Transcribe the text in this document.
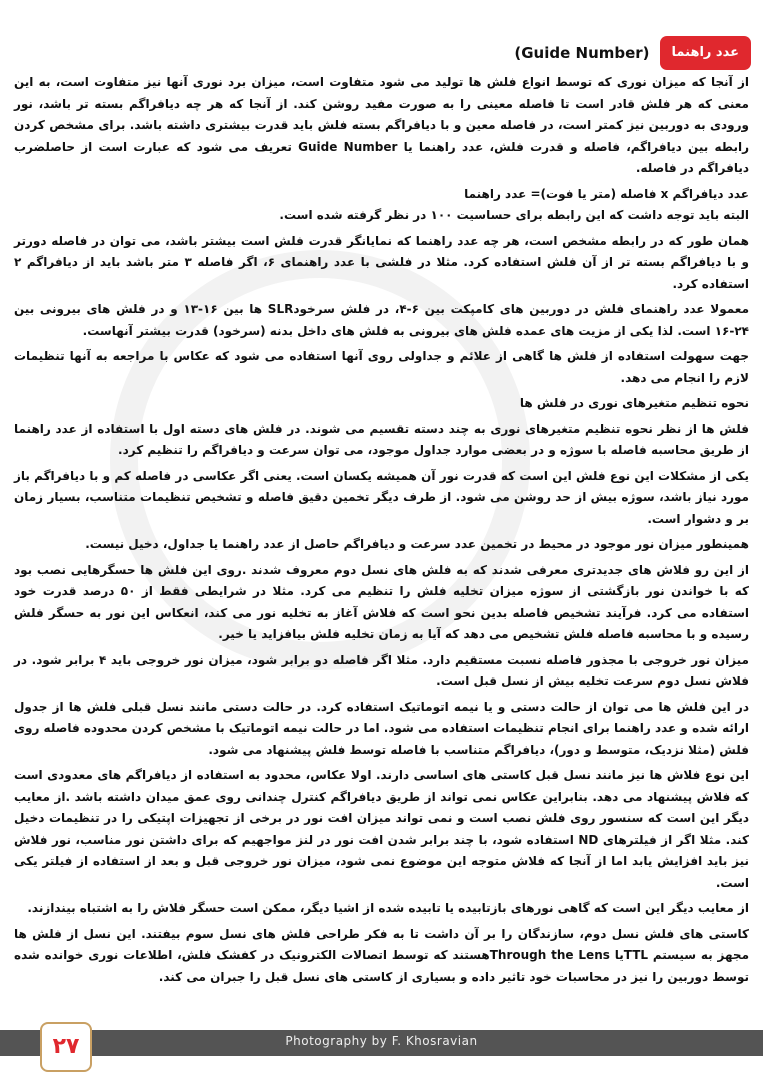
عدد راهنما
(Guide Number)

از آنجا که میزان نوری که توسط انواع فلش ها تولید می شود متفاوت است، میزان برد نوری آنها نیز متفاوت است، به این معنی که هر فلش قادر است تا فاصله معینی را به صورت مفید روشن کند. از آنجا که هر چه دیافراگم بسته تر باشد، نور ورودی به دوربین نیز کمتر است، در فاصله معین و با دیافراگم بسته فلش باید قدرت بیشتری داشته باشد. برای مشخص کردن رابطه بین دیافراگم، فاصله و قدرت فلش، عدد راهنما یا Guide Number تعریف می شود که عبارت است از حاصلضرب دیافراگم در فاصله.

عدد دیافراگم x فاصله (متر یا فوت)= عدد راهنما

البته باید توجه داشت که این رابطه برای حساسیت ۱۰۰ در نظر گرفته شده است.

همان طور که در رابطه مشخص است، هر چه عدد راهنما که نمایانگر قدرت فلش است بیشتر باشد، می توان در فاصله دورتر و با دیافراگم بسته تر از آن فلش استفاده کرد. مثلا در فلشی با عدد راهنمای ۶، اگر فاصله ۳ متر باشد باید از دیافراگم ۲ استفاده کرد.

معمولا عدد راهنمای فلش در دوربین های کامپکت بین ۶-۴، در فلش سرخودSLR ها بین ۱۶-۱۳ و در فلش های بیرونی بین ۲۴-۱۶ است. لذا یکی از مزیت های عمده فلش های بیرونی به فلش های داخل بدنه (سرخود) قدرت بیشتر آنهاست.

جهت سهولت استفاده از فلش ها گاهی از علائم و جداولی روی آنها استفاده می شود که عکاس با مراجعه به آنها تنظیمات لازم را انجام می دهد.

نحوه تنظیم متغیرهای نوری در فلش ها

فلش ها از نظر نحوه تنظیم متغیرهای نوری به چند دسته تقسیم می شوند. در فلش های دسته اول با استفاده از عدد راهنما از طریق محاسبه فاصله با سوژه و در بعضی موارد جداول موجود، می توان سرعت و دیافراگم را تنظیم کرد.

یکی از مشکلات این نوع فلش این است که قدرت نور آن همیشه یکسان است. یعنی اگر عکاسی در فاصله کم و با دیافراگم باز مورد نیاز باشد، سوژه بیش از حد روشن می شود. از طرف دیگر تخمین دقیق فاصله و تشخیص تنظیمات متناسب، بسیار زمان بر و دشوار است.

همینطور میزان نور موجود در محیط در تخمین عدد سرعت و دیافراگم حاصل از عدد راهنما یا جداول، دخیل نیست.

از این رو فلاش های جدیدتری معرفی شدند که به فلش های نسل دوم معروف شدند .روی این فلش ها حسگرهایی نصب بود که با خواندن نور بازگشتی از سوژه میزان تخلیه فلش را تنظیم می کرد. مثلا در شرایطی فقط از ۵۰ درصد قدرت خود استفاده می کرد. فرآیند تشخیص فاصله بدین نحو است که فلاش آغاز به تخلیه نور می کند، انعکاس این نور به حسگر فلش رسیده و با محاسبه فاصله فلش تشخیص می دهد که آیا به زمان تخلیه فلش بیافزاید یا خیر.

میزان نور خروجی با مجذور فاصله نسبت مستقیم دارد. مثلا اگر فاصله دو برابر شود، میزان نور خروجی باید ۴ برابر شود. در فلاش نسل دوم سرعت تخلیه بیش از نسل قبل است.

در این فلش ها می توان از حالت دستی و یا نیمه اتوماتیک استفاده کرد. در حالت دستی مانند نسل قبلی فلش ها از جدول ارائه شده و عدد راهنما برای انجام تنظیمات استفاده می شود. اما در حالت نیمه اتوماتیک با مشخص کردن محدوده فاصله روی فلش (مثلا نزدیک، متوسط و دور)، دیافراگم متناسب با فاصله توسط فلش پیشنهاد می شود.

این نوع فلاش ها نیز مانند نسل قبل کاستی های اساسی دارند. اولا عکاس، محدود به استفاده از دیافراگم های معدودی است که فلاش پیشنهاد می دهد. بنابراین عکاس نمی تواند از طریق دیافراگم کنترل چندانی روی عمق میدان داشته باشد .از معایب دیگر این است که سنسور روی فلش نصب است و نمی تواند میزان افت نور در برخی از تجهیزات اپتیکی را در تنظیمات دخیل کند. مثلا اگر از فیلترهای ND استفاده شود، با چند برابر شدن افت نور در لنز مواجهیم که برای داشتن نور مناسب، نور فلاش نیز باید افزایش یابد اما از آنجا که فلاش متوجه این موضوع نمی شود، میزان نور خروجی قبل و بعد از استفاده از فیلتر یکی است.

از معایب دیگر این است که گاهی نورهای بازتابیده یا تابیده شده از اشیا دیگر، ممکن است حسگر فلاش را به اشتباه بیندازند.

کاستی های فلش نسل دوم، سازندگان را بر آن داشت تا به فکر طراحی فلش های نسل سوم بیفتند. این نسل از فلش ها مجهز به سیستم TTLیا Through the Lensهستند که توسط اتصالات الکترونیک در کفشک فلش، اطلاعات نوری خوانده شده توسط دوربین را نیز در محاسبات خود تاثیر داده و بسیاری از کاستی های نسل قبل را جبران می کند.

Photography by F. Khosravian
۲۷
